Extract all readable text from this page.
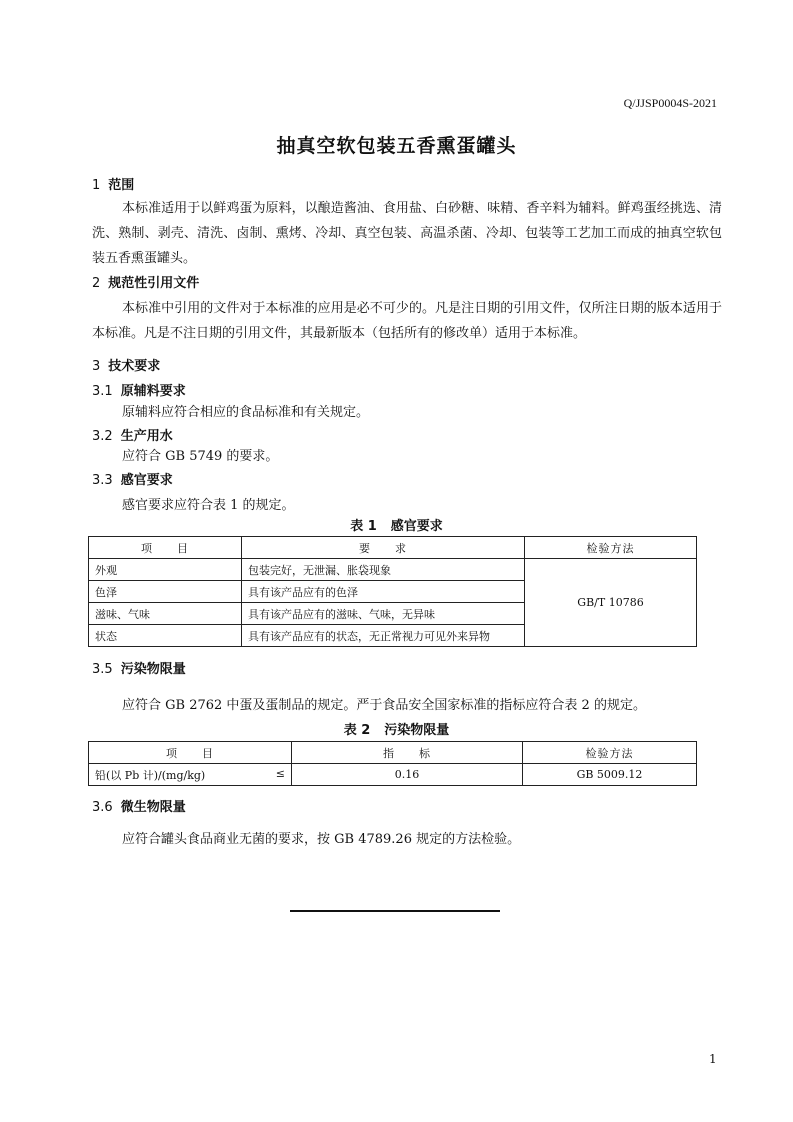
Q/JJSP0004S-2021
抽真空软包装五香熏蛋罐头
1 范围
本标准适用于以鲜鸡蛋为原料，以酿造酱油、食用盐、白砂糖、味精、香辛料为辅料。鲜鸡蛋经挑选、清洗、熟制、剥壳、清洗、卤制、熏烤、冷却、真空包装、高温杀菌、冷却、包装等工艺加工而成的抽真空软包装五香熏蛋罐头。
2 规范性引用文件
本标准中引用的文件对于本标准的应用是必不可少的。凡是注日期的引用文件，仅所注日期的版本适用于本标准。凡是不注日期的引用文件，其最新版本（包括所有的修改单）适用于本标准。
3 技术要求
3.1 原辅料要求
原辅料应符合相应的食品标准和有关规定。
3.2 生产用水
应符合 GB 5749 的要求。
3.3 感官要求
感官要求应符合表 1 的规定。
表 1 感官要求
项　　目	要　　求	检验方法
外观	包装完好，无泄漏、胀袋现象	GB/T 10786
色泽	具有该产品应有的色泽	
滋味、气味	具有该产品应有的滋味、气味，无异味	
状态	具有该产品应有的状态，无正常视力可见外来异物	
3.5 污染物限量
应符合 GB 2762 中蛋及蛋制品的规定。严于食品安全国家标准的指标应符合表 2 的规定。
表 2 污染物限量
项　　目	指　　标	检验方法
铅(以 Pb 计)/(mg/kg) ≤	0.16	GB 5009.12
3.6 微生物限量
应符合罐头食品商业无菌的要求，按 GB 4789.26 规定的方法检验。
1
